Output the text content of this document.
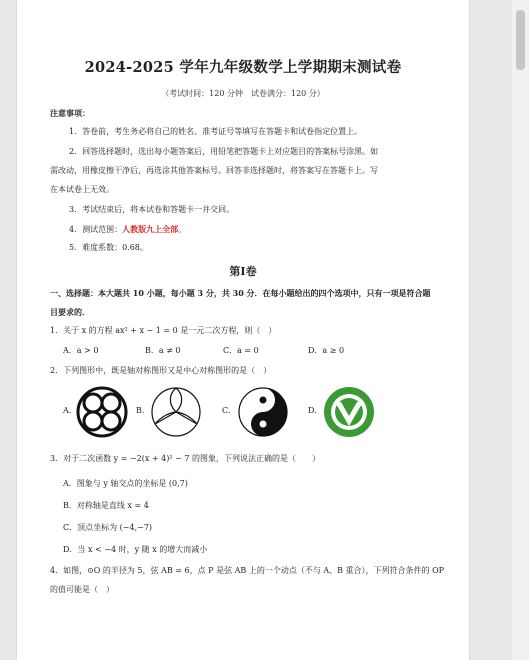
2024-2025 学年九年级数学上学期期末测试卷
（考试时间：120 分钟　试卷满分：120 分）
注意事项：
1．答卷前，考生务必将自己的姓名、准考证号等填写在答题卡和试卷指定位置上。
2．回答选择题时，选出每小题答案后，用铅笔把答题卡上对应题目的答案标号涂黑。如
需改动，用橡皮擦干净后，再选涂其他答案标号。回答非选择题时，将答案写在答题卡上。写
在本试卷上无效。
3．考试结束后，将本试卷和答题卡一并交回。
4．测试范围：人教版九上全部。
5．难度系数：0.68。
第Ⅰ卷
一、选择题：本大题共 10 小题，每小题 3 分，共 30 分．在每小题给出的四个选项中，只有一项是符合题
目要求的．
1．关于 x 的方程 ax² + x − 1 = 0 是一元二次方程，则（　）
A．a > 0	B．a ≠ 0	C．a = 0	D．a ≥ 0
2．下列图形中，既是轴对称图形又是中心对称图形的是（　）
A．	B．	C．	D．
3．对于二次函数 y = −2(x + 4)² − 7 的图象，下列说法正确的是（　　）
A．图象与 y 轴交点的坐标是 (0,7)
B．对称轴是直线 x = 4
C．顶点坐标为 (−4,−7)
D．当 x < −4 时，y 随 x 的增大而减小
4．如图，⊙O 的半径为 5，弦 AB = 6，点 P 是弦 AB 上的一个动点（不与 A、B 重合），下列符合条件的 OP
的值可能是（　）
